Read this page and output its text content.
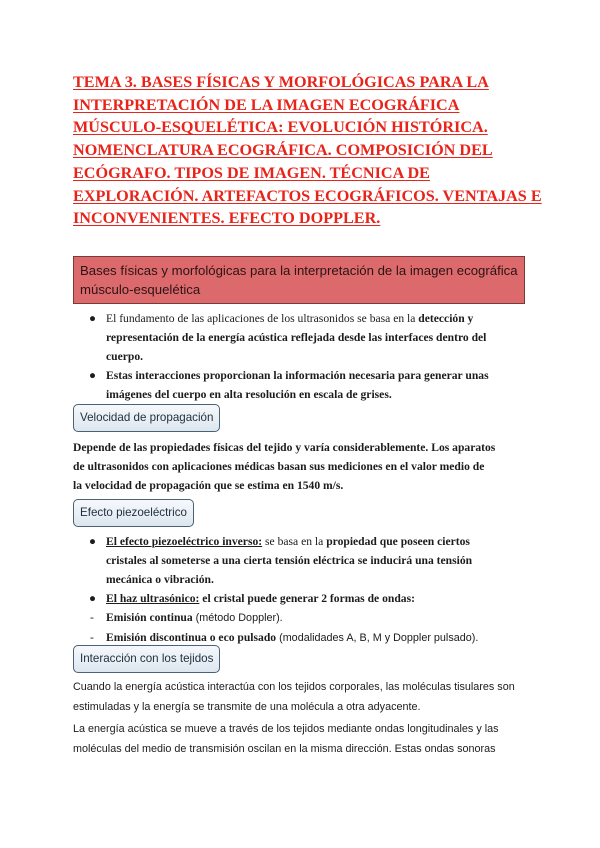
TEMA 3. BASES FÍSICAS Y MORFOLÓGICAS PARA LA
INTERPRETACIÓN DE LA IMAGEN ECOGRÁFICA
MÚSCULO-ESQUELÉTICA: EVOLUCIÓN HISTÓRICA.
NOMENCLATURA ECOGRÁFICA. COMPOSICIÓN DEL
ECÓGRAFO. TIPOS DE IMAGEN. TÉCNICA DE
EXPLORACIÓN. ARTEFACTOS ECOGRÁFICOS. VENTAJAS E
INCONVENIENTES. EFECTO DOPPLER.
Bases físicas y morfológicas para la interpretación de la imagen ecográfica
músculo-esquelética
● El fundamento de las aplicaciones de los ultrasonidos se basa en la detección y
representación de la energía acústica reflejada desde las interfaces dentro del
cuerpo.
● Estas interacciones proporcionan la información necesaria para generar unas
imágenes del cuerpo en alta resolución en escala de grises.
Velocidad de propagación

Depende de las propiedades físicas del tejido y varía considerablemente. Los aparatos
de ultrasonidos con aplicaciones médicas basan sus mediciones en el valor medio de
la velocidad de propagación que se estima en 1540 m/s.

Efecto piezoeléctrico
● El efecto piezoeléctrico inverso: se basa en la propiedad que poseen ciertos
cristales al someterse a una cierta tensión eléctrica se inducirá una tensión
mecánica o vibración.
● El haz ultrasónico: el cristal puede generar 2 formas de ondas:
- Emisión continua (método Doppler).
- Emisión discontinua o eco pulsado (modalidades A, B, M y Doppler pulsado).
Interacción con los tejidos

Cuando la energía acústica interactúa con los tejidos corporales, las moléculas tisulares son
estimuladas y la energía se transmite de una molécula a otra adyacente.

La energía acústica se mueve a través de los tejidos mediante ondas longitudinales y las
moléculas del medio de transmisión oscilan en la misma dirección. Estas ondas sonoras
